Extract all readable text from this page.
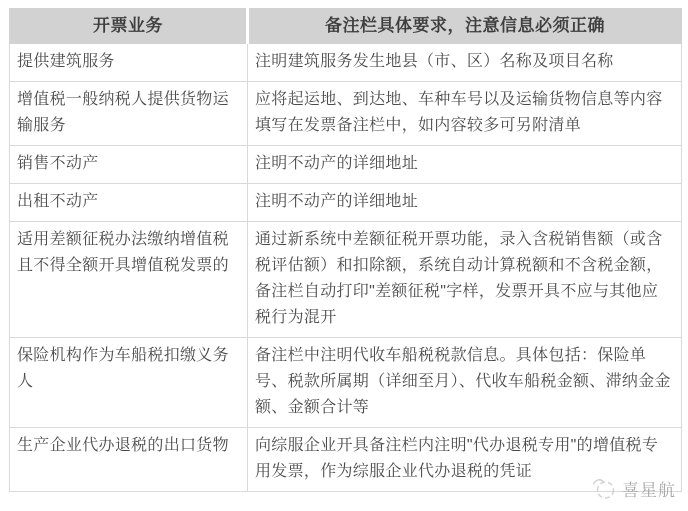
开票业务	备注栏具体要求，注意信息必须正确
提供建筑服务	注明建筑服务发生地县（市、区）名称及项目名称
增值税一般纳税人提供货物运输服务	应将起运地、到达地、车种车号以及运输货物信息等内容填写在发票备注栏中，如内容较多可另附清单
销售不动产	注明不动产的详细地址
出租不动产	注明不动产的详细地址
适用差额征税办法缴纳增值税且不得全额开具增值税发票的	通过新系统中差额征税开票功能，录入含税销售额（或含税评估额）和扣除额，系统自动计算税额和不含税金额，备注栏自动打印"差额征税"字样，发票开具不应与其他应税行为混开
保险机构作为车船税扣缴义务人	备注栏中注明代收车船税税款信息。具体包括：保险单号、税款所属期（详细至月）、代收车船税金额、滞纳金金额、金额合计等
生产企业代办退税的出口货物	向综服企业开具备注栏内注明"代办退税专用"的增值税专用发票，作为综服企业代办退税的凭证
喜星航
